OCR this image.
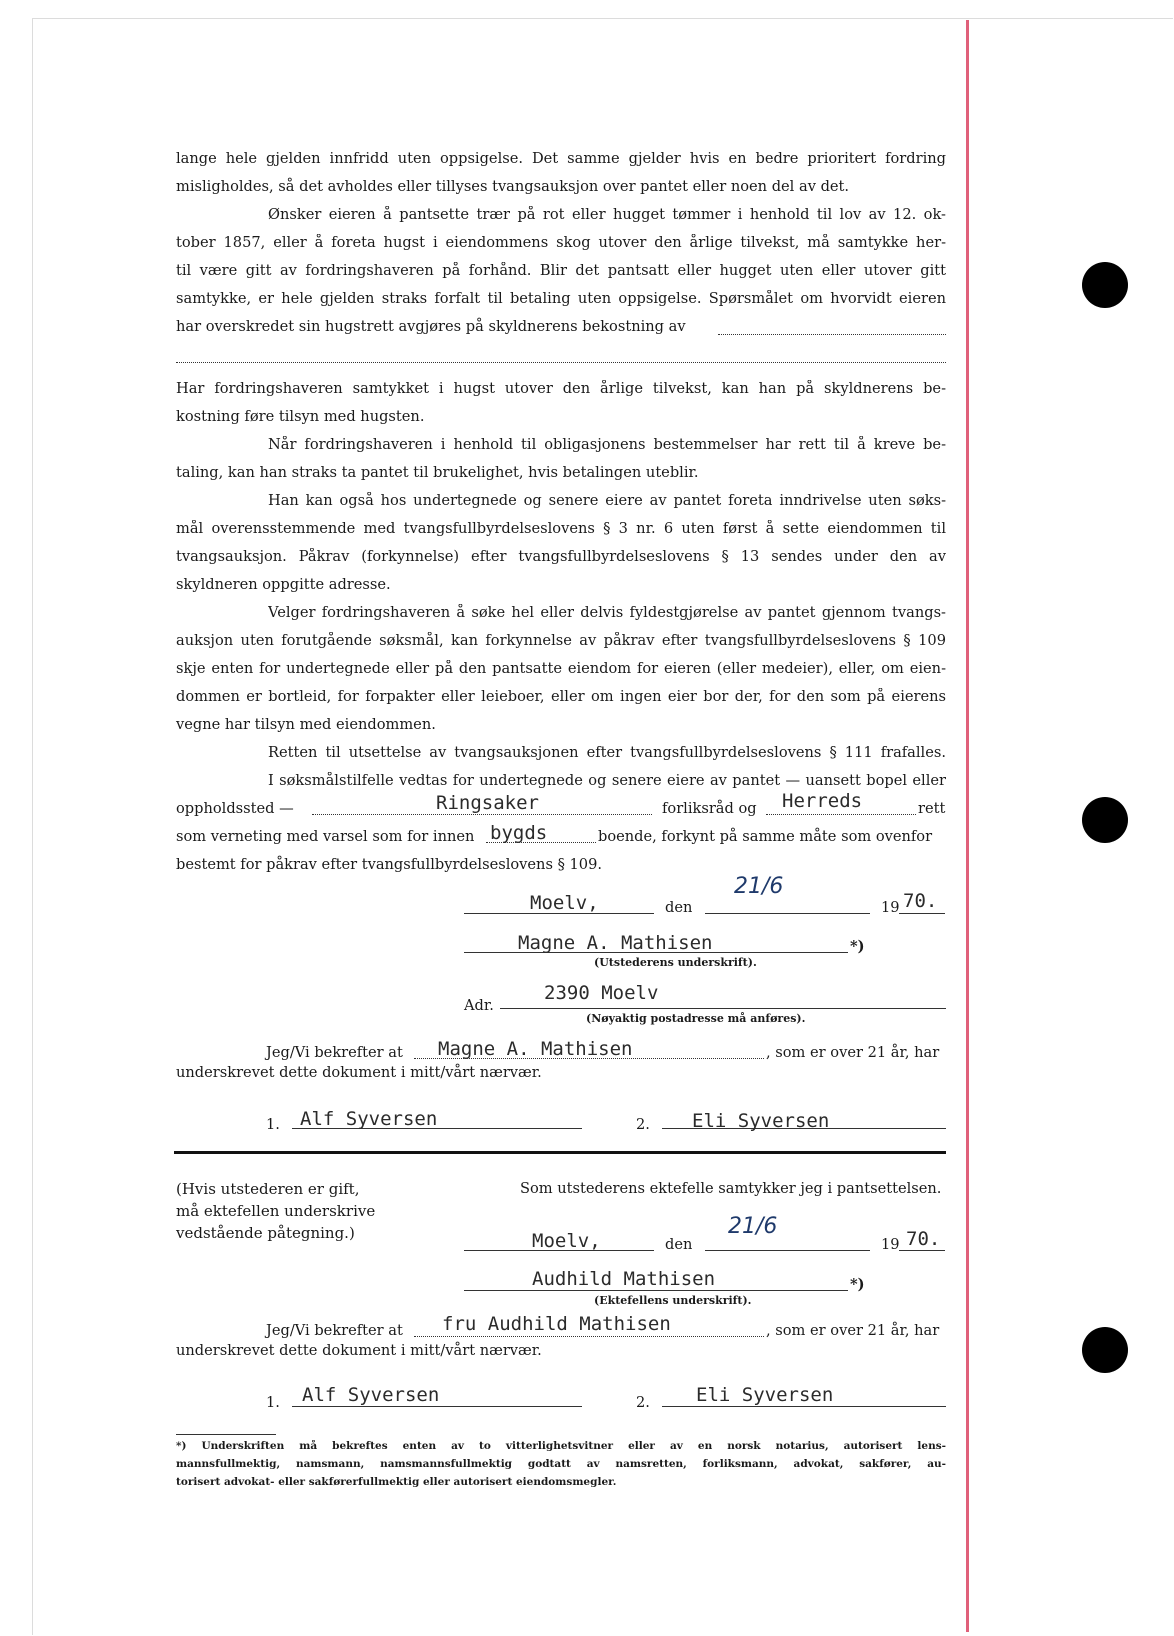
lange hele gjelden innfridd uten oppsigelse. Det samme gjelder hvis en bedre prioritert fordring
misligholdes, så det avholdes eller tillyses tvangsauksjon over pantet eller noen del av det.
Ønsker eieren å pantsette trær på rot eller hugget tømmer i henhold til lov av 12. ok-
tober 1857, eller å foreta hugst i eiendommens skog utover den årlige tilvekst, må samtykke her-
til være gitt av fordringshaveren på forhånd. Blir det pantsatt eller hugget uten eller utover gitt
samtykke, er hele gjelden straks forfalt til betaling uten oppsigelse. Spørsmålet om hvorvidt eieren
har overskredet sin hugstrett avgjøres på skyldnerens bekostning av
Har fordringshaveren samtykket i hugst utover den årlige tilvekst, kan han på skyldnerens be-
kostning føre tilsyn med hugsten.
Når fordringshaveren i henhold til obligasjonens bestemmelser har rett til å kreve be-
taling, kan han straks ta pantet til brukelighet, hvis betalingen uteblir.
Han kan også hos undertegnede og senere eiere av pantet foreta inndrivelse uten søks-
mål overensstemmende med tvangsfullbyrdelseslovens § 3 nr. 6 uten først å sette eiendommen til
tvangsauksjon. Påkrav (forkynnelse) efter tvangsfullbyrdelseslovens § 13 sendes under den av
skyldneren oppgitte adresse.
Velger fordringshaveren å søke hel eller delvis fyldestgjørelse av pantet gjennom tvangs-
auksjon uten forutgående søksmål, kan forkynnelse av påkrav efter tvangsfullbyrdelseslovens § 109
skje enten for undertegnede eller på den pantsatte eiendom for eieren (eller medeier), eller, om eien-
dommen er bortleid, for forpakter eller leieboer, eller om ingen eier bor der, for den som på eierens
vegne har tilsyn med eiendommen.
Retten til utsettelse av tvangsauksjonen efter tvangsfullbyrdelseslovens § 111 frafalles.
I søksmålstilfelle vedtas for undertegnede og senere eiere av pantet — uansett bopel eller
oppholdssted —	Ringsaker	forliksråd og Herreds	rett
som verneting med varsel som for innen bygds	boende, forkynt på samme måte som ovenfor
bestemt for påkrav efter tvangsfullbyrdelseslovens § 109.
Moelv,	den
21/6
19 70.
Magne A. Mathisen	*)
(Utstederens underskrift).
Adr.
2390 Moelv
(Nøyaktig postadresse må anføres).
Jeg/Vi bekrefter at Magne A. Mathisen	, som er over 21 år, har
underskrevet dette dokument i mitt/vårt nærvær.
1. Alf Syversen	2. Eli Syversen
(Hvis utstederen er gift,
må ektefellen underskrive
vedstående påtegning.)
Som utstederens ektefelle samtykker jeg i pantsettelsen.
Moelv,	den
21/6
19 70.
Audhild Mathisen	*)
(Ektefellens underskrift).
Jeg/Vi bekrefter at fru Audhild Mathisen	, som er over 21 år, har
underskrevet dette dokument i mitt/vårt nærvær.
1. Alf Syversen	2. Eli Syversen
*) Underskriften må bekreftes enten av to vitterlighetsvitner eller av en norsk notarius, autorisert lens-
mannsfullmektig, namsmann, namsmannsfullmektig godtatt av namsretten, forliksmann, advokat, sakfører, au-
torisert advokat- eller sakførerfullmektig eller autorisert eiendomsmegler.
